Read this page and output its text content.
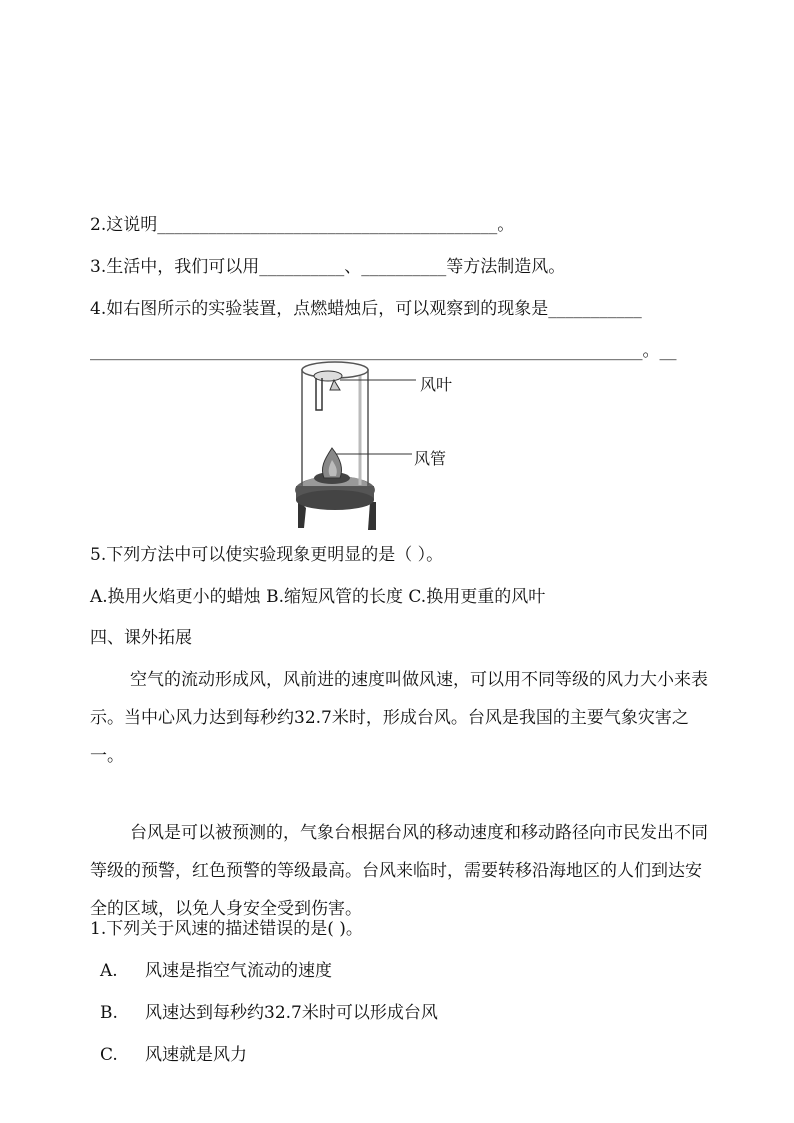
2.这说明________________________________________。
3.生活中，我们可以用__________、__________等方法制造风。
4.如右图所示的实验装置，点燃蜡烛后，可以观察到的现象是___________
_________________________________________________________________。__
风叶
风管
5.下列方法中可以使实验现象更明显的是（ ）。
A.换用火焰更小的蜡烛 B.缩短风管的长度 C.换用更重的风叶
四、课外拓展
空气的流动形成风，风前进的速度叫做风速，可以用不同等级的风力大小来表示。当中心风力达到每秒约32.7米时，形成台风。台风是我国的主要气象灾害之一。
台风是可以被预测的，气象台根据台风的移动速度和移动路径向市民发出不同等级的预警，红色预警的等级最高。台风来临时，需要转移沿海地区的人们到达安全的区域，以免人身安全受到伤害。
1.下列关于风速的描述错误的是( )。
A. 风速是指空气流动的速度
B. 风速达到每秒约32.7米时可以形成台风
C. 风速就是风力
